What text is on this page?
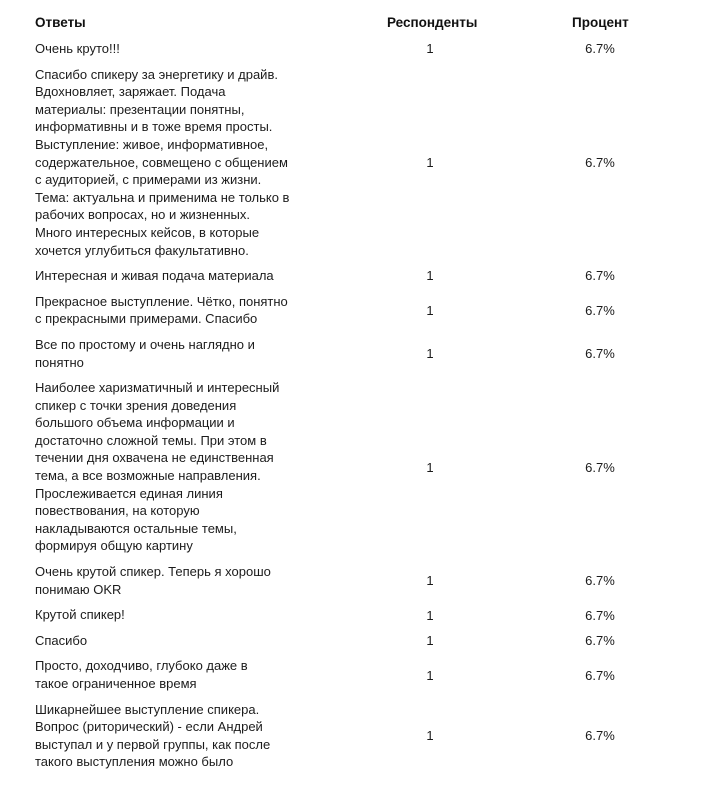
Ответы	Респонденты	Процент
Очень круто!!!	1	6.7%
Спасибо спикеру за энергетику и драйв.
Вдохновляет, заряжает. Подача
материалы: презентации понятны,
информативны и в тоже время просты.
Выступление: живое, информативное,
содержательное, совмещено с общением
с аудиторией, с примерами из жизни.
Тема: актуальна и применима не только в
рабочих вопросах, но и жизненных.
Много интересных кейсов, в которые
хочется углубиться факультативно.
1	6.7%
Интересная и живая подача материала	1	6.7%
Прекрасное выступление. Чётко, понятно
с прекрасными примерами. Спасибо
1	6.7%
Все по простому и очень наглядно и
понятно
1	6.7%
Наиболее харизматичный и интересный
спикер с точки зрения доведения
большого объема информации и
достаточно сложной темы. При этом в
течении дня охвачена не единственная
тема, а все возможные направления.
Прослеживается единая линия
повествования, на которую
накладываются остальные темы,
формируя общую картину
1	6.7%
Очень крутой спикер. Теперь я хорошо
понимаю OKR
1	6.7%
Крутой спикер!	1	6.7%
Спасибо	1	6.7%
Просто, доходчиво, глубоко даже в
такое ограниченное время
1	6.7%
Шикарнейшее выступление спикера.
Вопрос (риторический) - если Андрей
выступал и у первой группы, как после
такого выступления можно было
1	6.7%
